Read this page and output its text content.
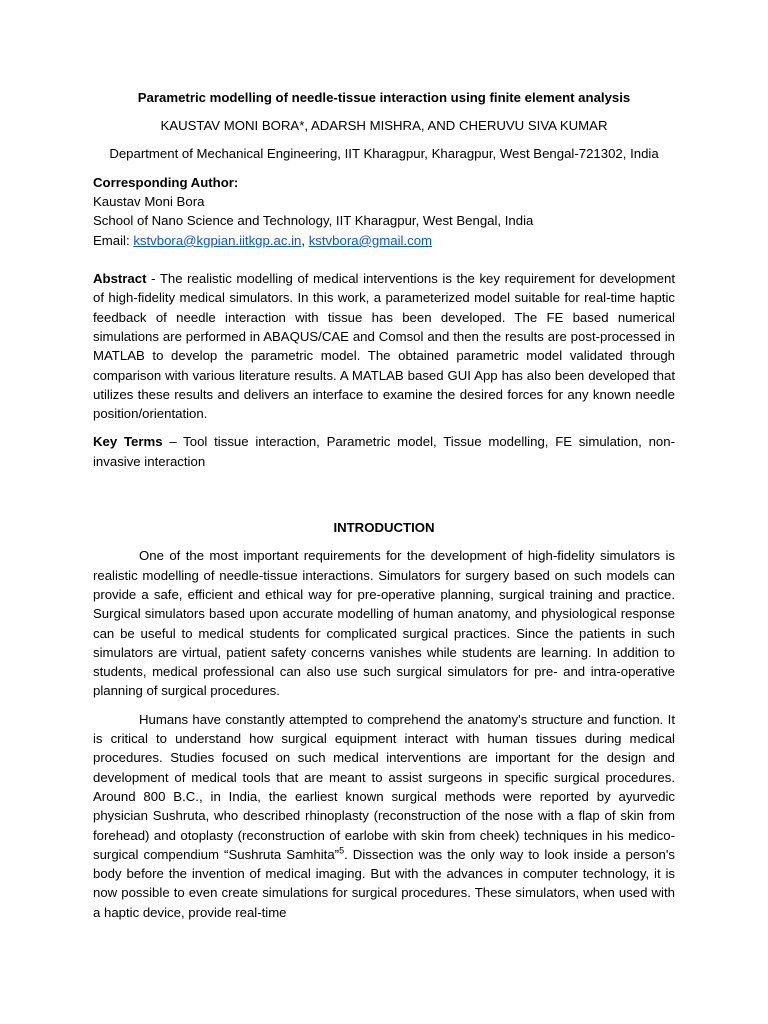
Parametric modelling of needle-tissue interaction using finite element analysis

KAUSTAV MONI BORA*, ADARSH MISHRA, AND CHERUVU SIVA KUMAR

Department of Mechanical Engineering, IIT Kharagpur, Kharagpur, West Bengal-721302, India

Corresponding Author:

Kaustav Moni Bora

School of Nano Science and Technology, IIT Kharagpur, West Bengal, India

Email: kstvbora@kgpian.iitkgp.ac.in, kstvbora@gmail.com

Abstract - The realistic modelling of medical interventions is the key requirement for development of high-fidelity medical simulators. In this work, a parameterized model suitable for real-time haptic feedback of needle interaction with tissue has been developed. The FE based numerical simulations are performed in ABAQUS/CAE and Comsol and then the results are post-processed in MATLAB to develop the parametric model. The obtained parametric model validated through comparison with various literature results. A MATLAB based GUI App has also been developed that utilizes these results and delivers an interface to examine the desired forces for any known needle position/orientation.

Key Terms – Tool tissue interaction, Parametric model, Tissue modelling, FE simulation, non-invasive interaction

INTRODUCTION

One of the most important requirements for the development of high-fidelity simulators is realistic modelling of needle-tissue interactions. Simulators for surgery based on such models can provide a safe, efficient and ethical way for pre-operative planning, surgical training and practice. Surgical simulators based upon accurate modelling of human anatomy, and physiological response can be useful to medical students for complicated surgical practices. Since the patients in such simulators are virtual, patient safety concerns vanishes while students are learning. In addition to students, medical professional can also use such surgical simulators for pre- and intra-operative planning of surgical procedures.

Humans have constantly attempted to comprehend the anatomy's structure and function. It is critical to understand how surgical equipment interact with human tissues during medical procedures. Studies focused on such medical interventions are important for the design and development of medical tools that are meant to assist surgeons in specific surgical procedures. Around 800 B.C., in India, the earliest known surgical methods were reported by ayurvedic physician Sushruta, who described rhinoplasty (reconstruction of the nose with a flap of skin from forehead) and otoplasty (reconstruction of earlobe with skin from cheek) techniques in his medico-surgical compendium “Sushruta Samhita”$^5$. Dissection was the only way to look inside a person's body before the invention of medical imaging. But with the advances in computer technology, it is now possible to even create simulations for surgical procedures. These simulators, when used with a haptic device, provide real-time
